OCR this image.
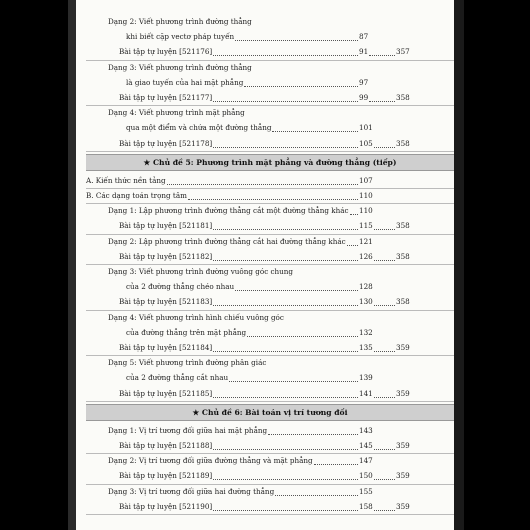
Dạng 2: Viết phương trình đường thẳng
khi biết cặp vectơ pháp tuyến	87
Bài tập tự luyện [521176]	91	357
Dạng 3: Viết phương trình đường thẳng
là giao tuyến của hai mặt phẳng	97
Bài tập tự luyện [521177]	99	358
Dạng 4: Viết phương trình mặt phẳng
qua một điểm và chứa một đường thẳng	101
Bài tập tự luyện [521178]	105	358
★ Chủ đề 5: Phương trình mặt phẳng và đường thẳng (tiếp)
A. Kiến thức nền tảng	107
B. Các dạng toán trọng tâm	110
Dạng 1: Lập phương trình đường thẳng cắt một đường thẳng khác 110
Bài tập tự luyện [521181]	115	358
Dạng 2: Lập phương trình đường thẳng cắt hai đường thẳng khác 121
Bài tập tự luyện [521182]	126	358
Dạng 3: Viết phương trình đường vuông góc chung
của 2 đường thẳng chéo nhau	128
Bài tập tự luyện [521183]	130	358
Dạng 4: Viết phương trình hình chiếu vuông góc
của đường thẳng trên mặt phẳng	132
Bài tập tự luyện [521184]	135	359
Dạng 5: Viết phương trình đường phân giác
của 2 đường thẳng cắt nhau	139
Bài tập tự luyện [521185]	141	359
★ Chủ đề 6: Bài toán vị trí tương đối
Dạng 1: Vị trí tương đối giữa hai mặt phẳng	143
Bài tập tự luyện [521188]	145	359
Dạng 2: Vị trí tương đối giữa đường thẳng và mặt phẳng	147
Bài tập tự luyện [521189]	150	359
Dạng 3: Vị trí tương đối giữa hai đường thẳng	155
Bài tập tự luyện [521190]	158	359
